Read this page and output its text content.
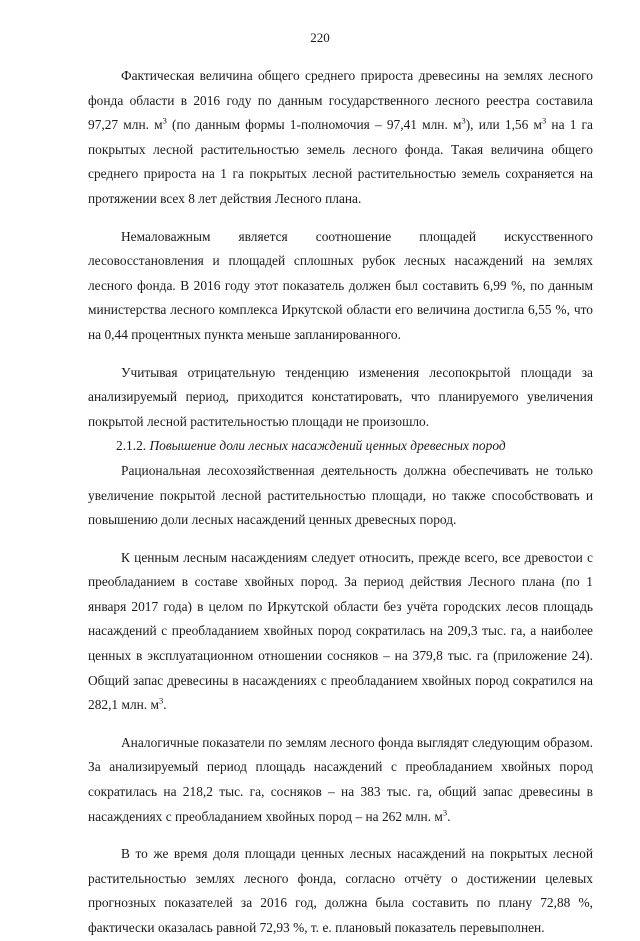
220

Фактическая величина общего среднего прироста древесины на землях лесного фонда области в 2016 году по данным государственного лесного реестра составила 97,27 млн. $м^3$ (по данным формы 1-полномочия – 97,41 млн. $м^3$), или 1,56 $м^3$ на 1 га покрытых лесной растительностью земель лесного фонда. Такая величина общего среднего прироста на 1 га покрытых лесной растительностью земель сохраняется на протяжении всех 8 лет действия Лесного плана.

Немаловажным является соотношение площадей искусственного лесовосстановления и площадей сплошных рубок лесных насаждений на землях лесного фонда. В 2016 году этот показатель должен был составить 6,99 %, по данным министерства лесного комплекса Иркутской области его величина достигла 6,55 %, что на 0,44 процентных пункта меньше запланированного.

Учитывая отрицательную тенденцию изменения лесопокрытой площади за анализируемый период, приходится констатировать, что планируемого увеличения покрытой лесной растительностью площади не произошло.

2.1.2. Повышение доли лесных насаждений ценных древесных пород

Рациональная лесохозяйственная деятельность должна обеспечивать не только увеличение покрытой лесной растительностью площади, но также способствовать и повышению доли лесных насаждений ценных древесных пород.

К ценным лесным насаждениям следует относить, прежде всего, все древостои с преобладанием в составе хвойных пород. За период действия Лесного плана (по 1 января 2017 года) в целом по Иркутской области без учёта городских лесов площадь насаждений с преобладанием хвойных пород сократилась на 209,3 тыс. га, а наиболее ценных в эксплуатационном отношении сосняков – на 379,8 тыс. га (приложение 24). Общий запас древесины в насаждениях с преобладанием хвойных пород сократился на 282,1 млн. $м^3$.

Аналогичные показатели по землям лесного фонда выглядят следующим образом. За анализируемый период площадь насаждений с преобладанием хвойных пород сократилась на 218,2 тыс. га, сосняков – на 383 тыс. га, общий запас древесины в насаждениях с преобладанием хвойных пород – на 262 млн. $м^3$.

В то же время доля площади ценных лесных насаждений на покрытых лесной растительностью землях лесного фонда, согласно отчёту о достижении целевых прогнозных показателей за 2016 год, должна была составить по плану 72,88 %, фактически оказалась равной 72,93 %, т. е. плановый показатель перевыполнен.
